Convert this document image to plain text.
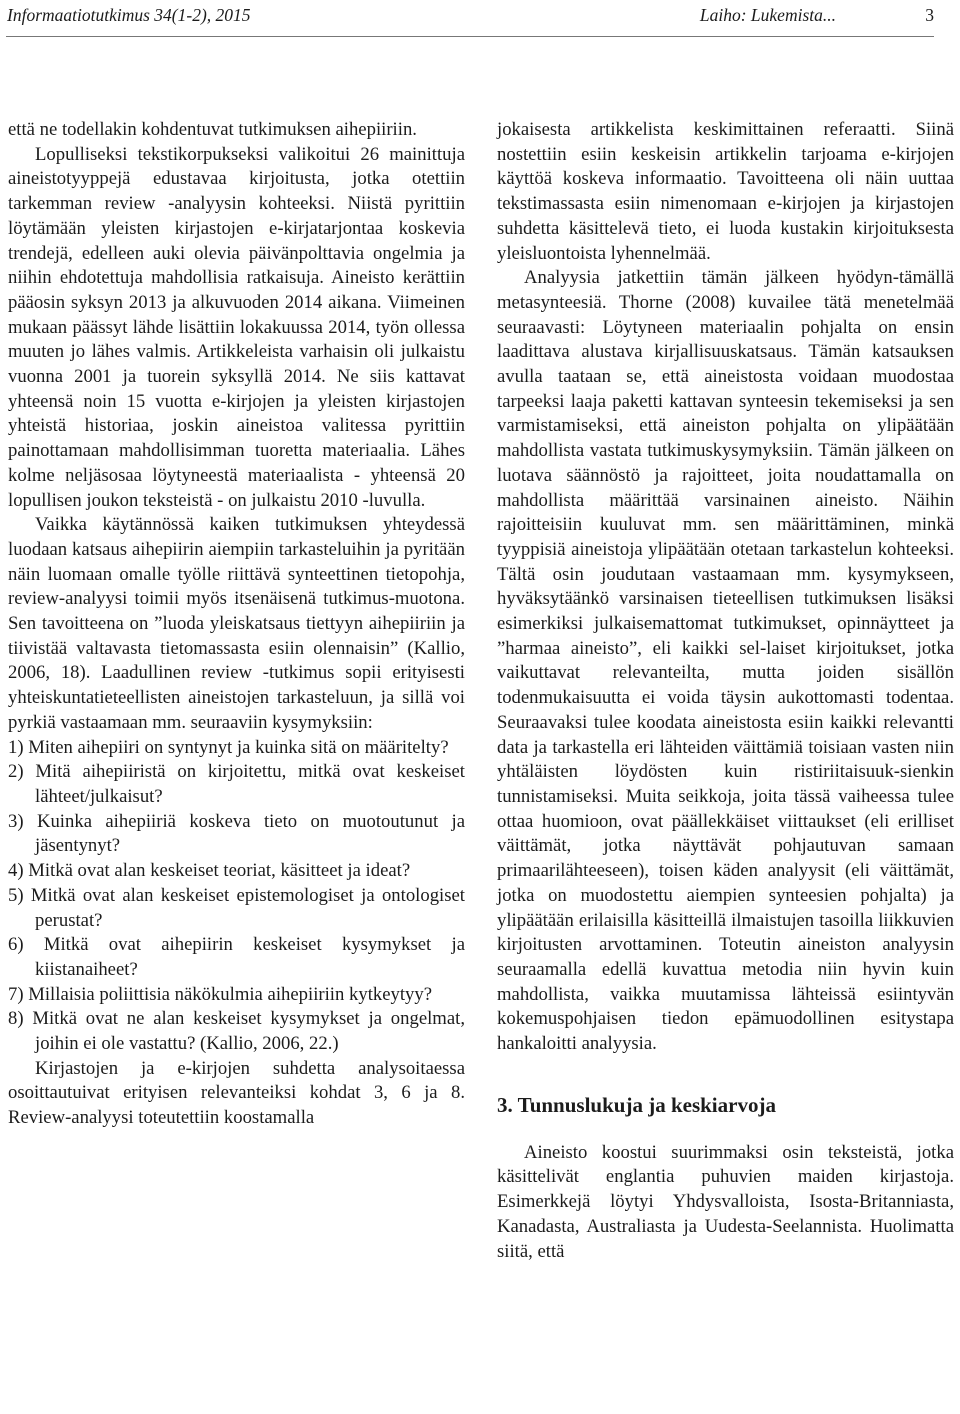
Informaatiotutkimus 34(1-2), 2015	Laiho: Lukemista...	3

että ne todellakin kohdentuvat tutkimuksen aihepiiriin.

Lopulliseksi tekstikorpukseksi valikoitui 26 mainittuja aineistotyyppejä edustavaa kirjoitusta, jotka otettiin tarkemman review -analyysin kohteeksi. Niistä pyrittiin löytämään yleisten kirjastojen e-kirjatarjontaa koskevia trendejä, edelleen auki olevia päivänpolttavia ongelmia ja niihin ehdotettuja mahdollisia ratkaisuja. Aineisto kerättiin pääosin syksyn 2013 ja alkuvuoden 2014 aikana. Viimeinen mukaan päässyt lähde lisättiin lokakuussa 2014, työn ollessa muuten jo lähes valmis. Artikkeleista varhaisin oli julkaistu vuonna 2001 ja tuorein syksyllä 2014. Ne siis kattavat yhteensä noin 15 vuotta e-kirjojen ja yleisten kirjastojen yhteistä historiaa, joskin aineistoa valitessa pyrittiin painottamaan mahdollisimman tuoretta materiaalia. Lähes kolme neljäsosaa löytyneestä materiaalista - yhteensä 20 lopullisen joukon teksteistä - on julkaistu 2010 -luvulla.

Vaikka käytännössä kaiken tutkimuksen yhteydessä luodaan katsaus aihepiirin aiempiin tarkasteluihin ja pyritään näin luomaan omalle työlle riittävä synteettinen tietopohja, review-analyysi toimii myös itsenäisenä tutkimus-muotona. Sen tavoitteena on ”luoda yleiskatsaus tiettyyn aihepiiriin ja tiivistää valtavasta tietomassasta esiin olennaisin” (Kallio, 2006, 18). Laadullinen review -tutkimus sopii erityisesti yhteiskuntatieteellisten aineistojen tarkasteluun, ja sillä voi pyrkiä vastaamaan mm. seuraaviin kysymyksiin:

1) Miten aihepiiri on syntynyt ja kuinka sitä on määritelty?

2) Mitä aihepiiristä on kirjoitettu, mitkä ovat keskeiset lähteet/julkaisut?

3) Kuinka aihepiiriä koskeva tieto on muotoutunut ja jäsentynyt?

4) Mitkä ovat alan keskeiset teoriat, käsitteet ja ideat?

5) Mitkä ovat alan keskeiset epistemologiset ja ontologiset perustat?

6) Mitkä ovat aihepiirin keskeiset kysymykset ja kiistanaiheet?

7) Millaisia poliittisia näkökulmia aihepiiriin kytkeytyy?

8) Mitkä ovat ne alan keskeiset kysymykset ja ongelmat, joihin ei ole vastattu? (Kallio, 2006, 22.)

Kirjastojen ja e-kirjojen suhdetta analysoitaessa osoittautuivat erityisen relevanteiksi kohdat 3, 6 ja 8. Review-analyysi toteutettiin koostamalla

jokaisesta artikkelista keskimittainen referaatti. Siinä nostettiin esiin keskeisin artikkelin tarjoama e-kirjojen käyttöä koskeva informaatio. Tavoitteena oli näin uuttaa tekstimassasta esiin nimenomaan e-kirjojen ja kirjastojen suhdetta käsittelevä tieto, ei luoda kustakin kirjoituksesta yleisluontoista lyhennelmää.

Analyysia jatkettiin tämän jälkeen hyödyn-tämällä metasynteesiä. Thorne (2008) kuvailee tätä menetelmää seuraavasti: Löytyneen materiaalin pohjalta on ensin laadittava alustava kirjallisuuskatsaus. Tämän katsauksen avulla taataan se, että aineistosta voidaan muodostaa tarpeeksi laaja paketti kattavan synteesin tekemiseksi ja sen varmistamiseksi, että aineiston pohjalta on ylipäätään mahdollista vastata tutkimuskysymyksiin. Tämän jälkeen on luotava säännöstö ja rajoitteet, joita noudattamalla on mahdollista määrittää varsinainen aineisto. Näihin rajoitteisiin kuuluvat mm. sen määrittäminen, minkä tyyppisiä aineistoja ylipäätään otetaan tarkastelun kohteeksi. Tältä osin joudutaan vastaamaan mm. kysymykseen, hyväksytäänkö varsinaisen tieteellisen tutkimuksen lisäksi esimerkiksi julkaisemattomat tutkimukset, opinnäytteet ja ”harmaa aineisto”, eli kaikki sel-laiset kirjoitukset, jotka vaikuttavat relevanteilta, mutta joiden sisällön todenmukaisuutta ei voida täysin aukottomasti todentaa. Seuraavaksi tulee koodata aineistosta esiin kaikki relevantti data ja tarkastella eri lähteiden väittämiä toisiaan vasten niin yhtäläisten löydösten kuin ristiriitaisuuk-sienkin tunnistamiseksi. Muita seikkoja, joita tässä vaiheessa tulee ottaa huomioon, ovat päällekkäiset viittaukset (eli erilliset väittämät, jotka näyttävät pohjautuvan samaan primaarilähteeseen), toisen käden analyysit (eli väittämät, jotka on muodostettu aiempien synteesien pohjalta) ja ylipäätään erilaisilla käsitteillä ilmaistujen tasoilla liikkuvien kirjoitusten arvottaminen. Toteutin aineiston analyysin seuraamalla edellä kuvattua metodia niin hyvin kuin mahdollista, vaikka muutamissa lähteissä esiintyvän kokemuspohjaisen tiedon epämuodollinen esitystapa hankaloitti analyysia.

3. Tunnuslukuja ja keskiarvoja

Aineisto koostui suurimmaksi osin teksteistä, jotka käsittelivät englantia puhuvien maiden kirjastoja. Esimerkkejä löytyi Yhdysvalloista, Isosta-Britanniasta, Kanadasta, Australiasta ja Uudesta-Seelannista. Huolimatta siitä, että
